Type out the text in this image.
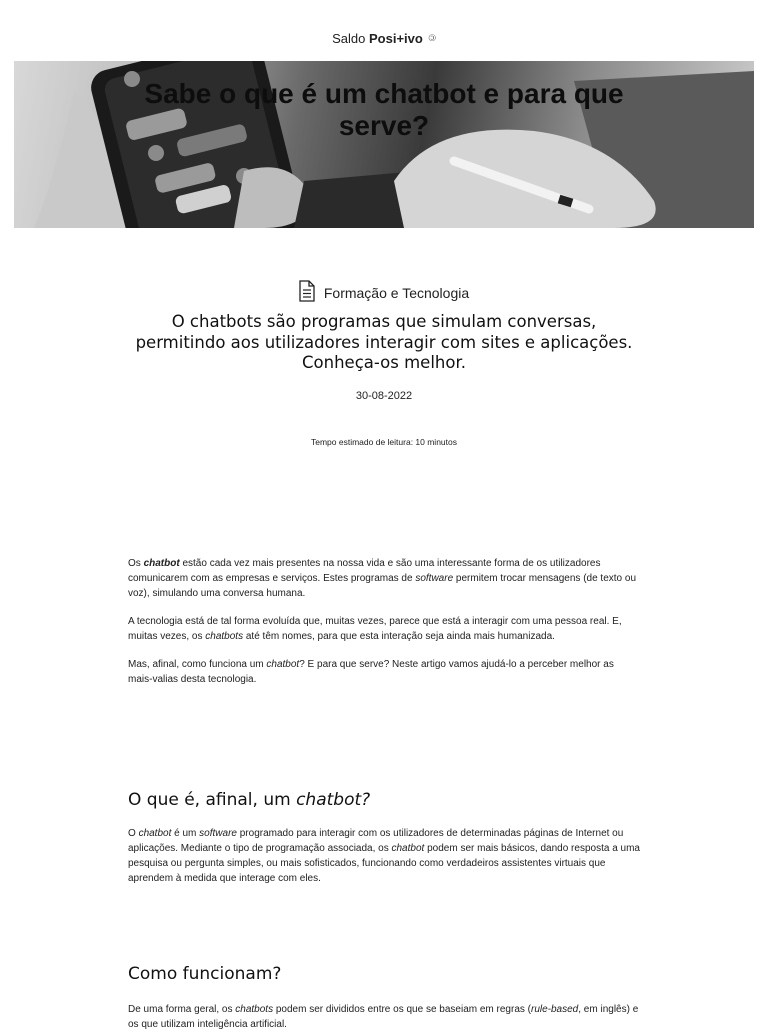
Saldo Posi+ivo 🄯
Sabe o que é um chatbot e para que
serve?
Formação e Tecnologia
O chatbots são programas que simulam conversas,
permitindo aos utilizadores interagir com sites e aplicações.
Conheça-os melhor.
30-08-2022
Tempo estimado de leitura: 10 minutos

Os chatbot estão cada vez mais presentes na nossa vida e são uma interessante forma de os utilizadores comunicarem com as empresas e serviços. Estes programas de software permitem trocar mensagens (de texto ou voz), simulando uma conversa humana.

A tecnologia está de tal forma evoluída que, muitas vezes, parece que está a interagir com uma pessoa real. E, muitas vezes, os chatbots até têm nomes, para que esta interação seja ainda mais humanizada.

Mas, afinal, como funciona um chatbot? E para que serve? Neste artigo vamos ajudá-lo a perceber melhor as mais-valias desta tecnologia.

O que é, afinal, um chatbot?

O chatbot é um software programado para interagir com os utilizadores de determinadas páginas de Internet ou aplicações. Mediante o tipo de programação associada, os chatbot podem ser mais básicos, dando resposta a uma pesquisa ou pergunta simples, ou mais sofisticados, funcionando como verdadeiros assistentes virtuais que aprendem à medida que interage com eles.

Como funcionam?

De uma forma geral, os chatbots podem ser divididos entre os que se baseiam em regras (rule-based, em inglês) e os que utilizam inteligência artificial.
